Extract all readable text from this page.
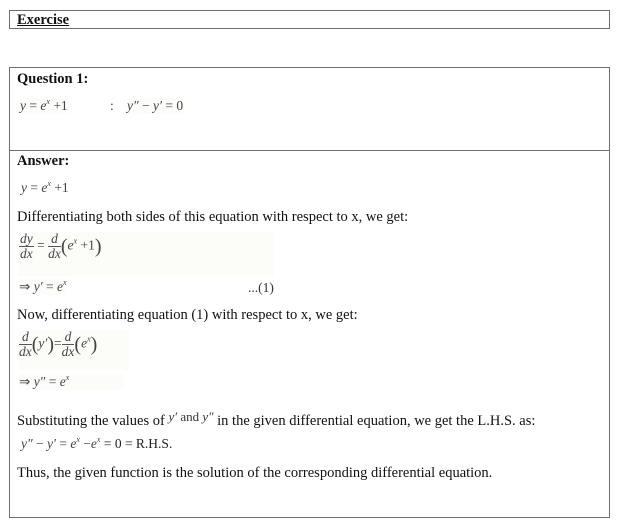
Exercise
Question 1:
$y = e^x +1$	: y″ − y′ = 0
Answer:
$y = e^x +1$
Differentiating both sides of this equation with respect to x, we get:
$\frac{dy}{dx} = \frac{d}{dx} (e^x +1)$
⇒ $y' = e^x$	...(1)
Now, differentiating equation (1) with respect to x, we get:
$\frac{d}{dx} (y')= \frac{d}{dx} (e^x)$
⇒ $y'' = e^x$
Substituting the values of y′ and y″ in the given differential equation, we get the L.H.S. as:
$y'' - y' = e^x -e^x = 0 = R.H.S$.
Thus, the given function is the solution of the corresponding differential equation.
